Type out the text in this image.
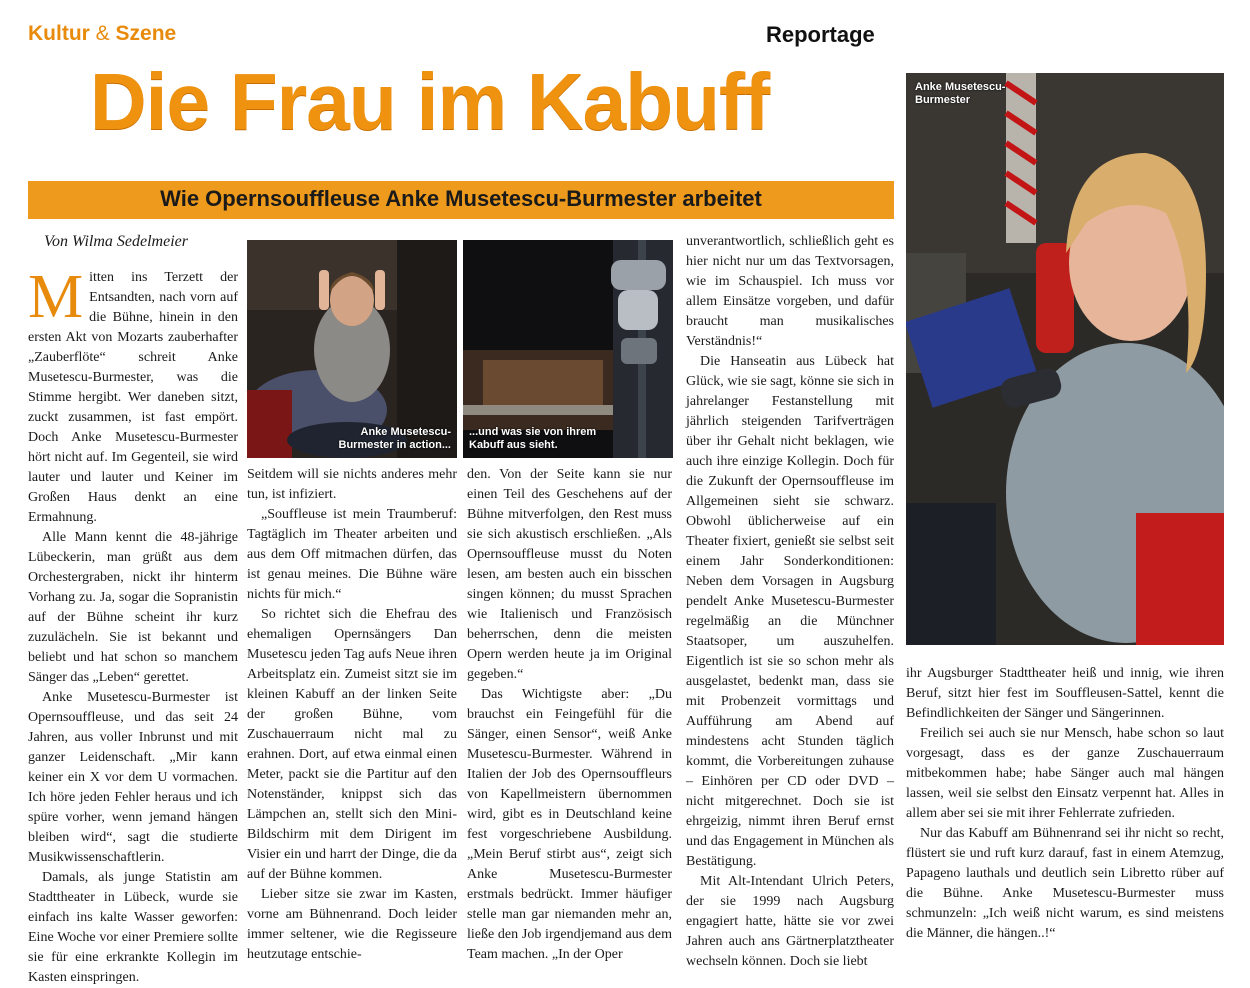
Kultur & Szene	Reportage
Die Frau im Kabuff
Wie Opernsouffleuse Anke Musetescu-Burmester arbeitet
Von Wilma Sedelmeier

Mitten ins Terzett der Entsandten, nach vorn auf die Bühne, hinein in den ersten Akt von Mozarts zauberhafter „Zauberflöte“ schreit Anke Musetescu-Burmester, was die Stimme hergibt. Wer daneben sitzt, zuckt zusammen, ist fast empört. Doch Anke Musetescu-Burmester hört nicht auf. Im Gegenteil, sie wird lauter und lauter und Keiner im Großen Haus denkt an eine Ermahnung.

Alle Mann kennt die 48-jährige Lübeckerin, man grüßt aus dem Orchestergraben, nickt ihr hinterm Vorhang zu. Ja, sogar die Sopranistin auf der Bühne scheint ihr kurz zuzulächeln. Sie ist bekannt und beliebt und hat schon so manchem Sänger das „Leben“ gerettet.

Anke Musetescu-Burmester ist Opernsouffleuse, und das seit 24 Jahren, aus voller Inbrunst und mit ganzer Leidenschaft. „Mir kann keiner ein X vor dem U vormachen. Ich höre jeden Fehler heraus und ich spüre vorher, wenn jemand hängen bleiben wird“, sagt die studierte Musikwissenschaftlerin.

Damals, als junge Statistin am Stadttheater in Lübeck, wurde sie einfach ins kalte Wasser geworfen: Eine Woche vor einer Premiere sollte sie für eine erkrankte Kollegin im Kasten einspringen.

Anke Musetescu-Burmester in action...
...und was sie von ihrem Kabuff aus sieht.

Seitdem will sie nichts anderes mehr tun, ist infiziert.

„Souffleuse ist mein Traumberuf: Tagtäglich im Theater arbeiten und aus dem Off mitmachen dürfen, das ist genau meines. Die Bühne wäre nichts für mich.“

So richtet sich die Ehefrau des ehemaligen Opernsängers Dan Musetescu jeden Tag aufs Neue ihren Arbeitsplatz ein. Zumeist sitzt sie im kleinen Kabuff an der linken Seite der großen Bühne, vom Zuschauerraum nicht mal zu erahnen. Dort, auf etwa einmal einen Meter, packt sie die Partitur auf den Notenständer, knippst sich das Lämpchen an, stellt sich den Mini-Bildschirm mit dem Dirigent im Visier ein und harrt der Dinge, die da auf der Bühne kommen.

Lieber sitze sie zwar im Kasten, vorne am Bühnenrand. Doch leider immer seltener, wie die Regisseure heutzutage entschie-

den. Von der Seite kann sie nur einen Teil des Geschehens auf der Bühne mitverfolgen, den Rest muss sie sich akustisch erschließen. „Als Opernsouffleuse musst du Noten lesen, am besten auch ein bisschen singen können; du musst Sprachen wie Italienisch und Französisch beherrschen, denn die meisten Opern werden heute ja im Original gegeben.“

Das Wichtigste aber: „Du brauchst ein Feingefühl für die Sänger, einen Sensor“, weiß Anke Musetescu-Burmester. Während in Italien der Job des Opernsouffleurs von Kapellmeistern übernommen wird, gibt es in Deutschland keine fest vorgeschriebene Ausbildung. „Mein Beruf stirbt aus“, zeigt sich Anke Musetescu-Burmester erstmals bedrückt. Immer häufiger stelle man gar niemanden mehr an, ließe den Job irgendjemand aus dem Team machen. „In der Oper

unverantwortlich, schließlich geht es hier nicht nur um das Textvorsagen, wie im Schauspiel. Ich muss vor allem Einsätze vorgeben, und dafür braucht man musikalisches Verständnis!“

Die Hanseatin aus Lübeck hat Glück, wie sie sagt, könne sie sich in jahrelanger Festanstellung mit jährlich steigenden Tarifverträgen über ihr Gehalt nicht beklagen, wie auch ihre einzige Kollegin. Doch für die Zukunft der Opernsouffleuse im Allgemeinen sieht sie schwarz. Obwohl üblicherweise auf ein Theater fixiert, genießt sie selbst seit einem Jahr Sonderkonditionen: Neben dem Vorsagen in Augsburg pendelt Anke Musetescu-Burmester regelmäßig an die Münchner Staatsoper, um auszuhelfen. Eigentlich ist sie so schon mehr als ausgelastet, bedenkt man, dass sie mit Probenzeit vormittags und Aufführung am Abend auf mindestens acht Stunden täglich kommt, die Vorbereitungen zuhause – Einhören per CD oder DVD – nicht mitgerechnet. Doch sie ist ehrgeizig, nimmt ihren Beruf ernst und das Engagement in München als Bestätigung.

Mit Alt-Intendant Ulrich Peters, der sie 1999 nach Augsburg engagiert hatte, hätte sie vor zwei Jahren auch ans Gärtnerplatztheater wechseln können. Doch sie liebt

Anke Musetescu-Burmester

ihr Augsburger Stadttheater heiß und innig, wie ihren Beruf, sitzt hier fest im Souffleusen-Sattel, kennt die Befindlichkeiten der Sänger und Sängerinnen.

Freilich sei auch sie nur Mensch, habe schon so laut vorgesagt, dass es der ganze Zuschauerraum mitbekommen habe; habe Sänger auch mal hängen lassen, weil sie selbst den Einsatz verpennt hat. Alles in allem aber sei sie mit ihrer Fehlerrate zufrieden.

Nur das Kabuff am Bühnenrand sei ihr nicht so recht, flüstert sie und ruft kurz darauf, fast in einem Atemzug, Papageno lauthals und deutlich sein Libretto rüber auf die Bühne. Anke Musetescu-Burmester muss schmunzeln: „Ich weiß nicht warum, es sind meistens die Männer, die hängen..!“
